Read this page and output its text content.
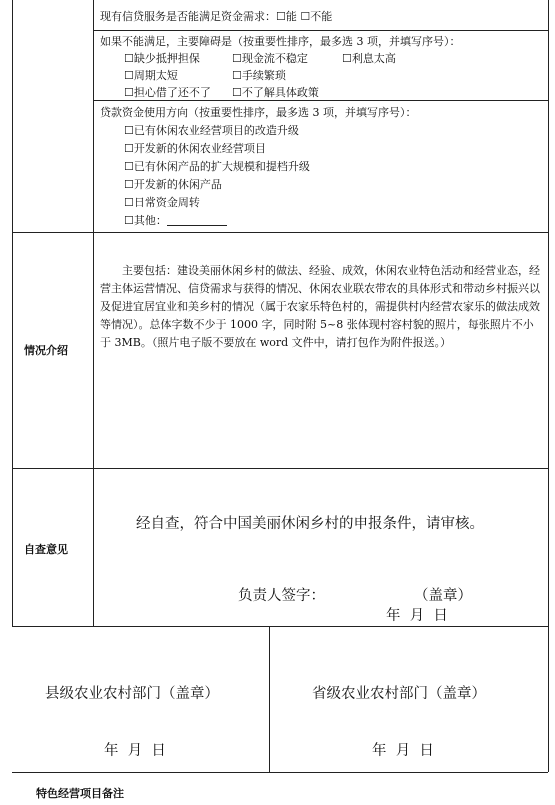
现有信贷服务是否能满足资金需求：☐能 ☐不能
如果不能满足，主要障碍是（按重要性排序，最多选 3 项，并填写序号）：
☐缺少抵押担保	☐现金流不稳定	☐利息太高
☐周期太短	☐手续繁琐
☐担心借了还不了 ☐不了解具体政策
贷款资金使用方向（按重要性排序，最多选 3 项，并填写序号）：
☐已有休闲农业经营项目的改造升级
☐开发新的休闲农业经营项目
☐已有休闲产品的扩大规模和提档升级
☐开发新的休闲产品
☐日常资金周转
☐其他：
情况介绍
主要包括：建设美丽休闲乡村的做法、经验、成效，休闲农业特色活动和经营业态，经营主体运营情况、信贷需求与获得的情况、休闲农业联农带农的具体形式和带动乡村振兴以及促进宜居宜业和美乡村的情况（属于农家乐特色村的，需提供村内经营农家乐的做法成效等情况）。总体字数不少于 1000 字，同时附 5~8 张体现村容村貌的照片，每张照片不小于 3MB。（照片电子版不要放在 word 文件中，请打包作为附件报送。）
自查意见
经自查，符合中国美丽休闲乡村的申报条件，请审核。
负责人签字：	（盖章）
年  月  日
县级农业农村部门（盖章）
年  月  日
省级农业农村部门（盖章）
年  月  日
特色经营项目备注
